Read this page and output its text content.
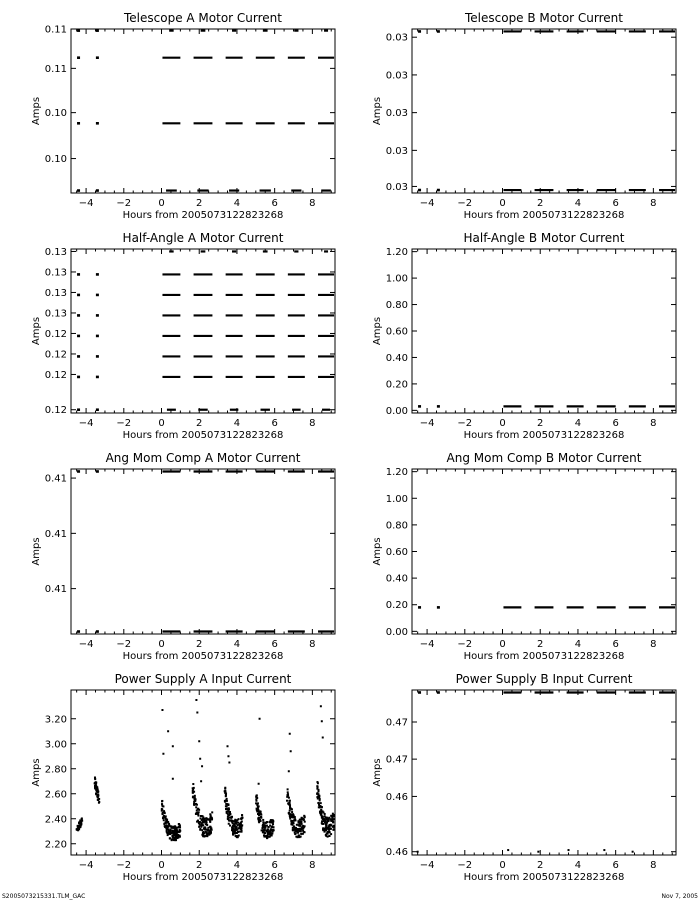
Telescope A Motor Current
−4 −2	0	2	4	6	8
0.11
0.11
0.10
0.10
Hours from 2005073122823268
Amps
Telescope B Motor Current
−4 −2	0	2	4	6	8
0.03
0.03
0.03
0.03
0.03
Hours from 2005073122823268
Amps
Half-Angle A Motor Current
−4 −2	0	2	4	6	8
0.13
0.13
0.13
0.13
0.12
0.12
0.12
0.12
Hours from 2005073122823268
Amps
Half-Angle B Motor Current
−4 −2	0	2	4	6	8
0.00
0.20
0.40
0.60
0.80
1.00
1.20
Hours from 2005073122823268
Amps
Ang Mom Comp A Motor Current
−4 −2	0	2	4	6	8
0.41
0.41
0.41
Hours from 2005073122823268
Amps
Ang Mom Comp B Motor Current
−4 −2	0	2	4	6	8
0.00
0.20
0.40
0.60
0.80
1.00
1.20
Hours from 2005073122823268
Amps
Power Supply A Input Current
−4 −2	0	2	4	6	8
2.20
2.40
2.60
2.80
3.00
3.20
Hours from 2005073122823268
Amps
Power Supply B Input Current
−4 −2	0	2	4	6	8
0.47
0.47
0.46
0.46
Hours from 2005073122823268
Amps
S2005073215331.TLM_GAC	Nov 7, 2005
